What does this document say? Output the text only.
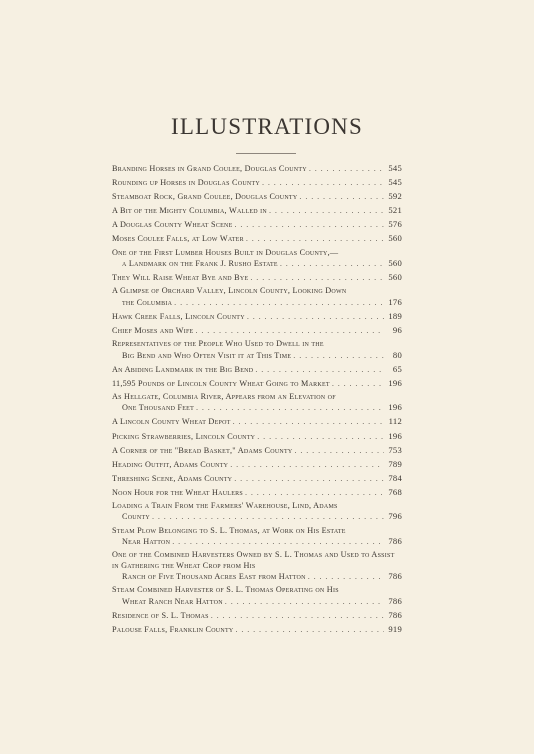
ILLUSTRATIONS
Branding Horses in Grand Coulee, Douglas County . . .	545
Rounding up Horses in Douglas County . . .	545
Steamboat Rock, Grand Coulee, Douglas County . . .	592
A Bit of the Mighty Columbia, Walled in . . .	521
A Douglas County Wheat Scene . . .	576
Moses Coulee Falls, at Low Water . . .	560
One of the First Lumber Houses Built in Douglas County,—
a Landmark on the Frank J. Rusho Estate . . .	560
They Will Raise Wheat Bye and Bye . . .	560
A Glimpse of Orchard Valley, Lincoln County, Looking Down
the Columbia . . .	176
Hawk Creek Falls, Lincoln County . . .	189
Chief Moses and Wife . . .	96
Representatives of the People Who Used to Dwell in the
Big Bend and Who Often Visit it at This Time . . .	80
An Abiding Landmark in the Big Bend . . .	65
11,595 Pounds of Lincoln County Wheat Going to Market . . .	196
As Hellgate, Columbia River, Appears from an Elevation of
One Thousand Feet . . .	196
A Lincoln County Wheat Depot . . .	112
Picking Strawberries, Lincoln County . . .	196
A Corner of the "Bread Basket," Adams County . . .	753
Heading Outfit, Adams County . . .	789
Threshing Scene, Adams County . . .	784
Noon Hour for the Wheat Haulers . . .	768
Loading a Train From the Farmers' Warehouse, Lind, Adams
County . . .	796
Steam Plow Belonging to S. L. Thomas, at Work on His Estate
Near Hatton . . .	786
One of the Combined Harvesters Owned by S. L. Thomas and Used to Assist in Gathering the Wheat Crop from His
Ranch of Five Thousand Acres East from Hatton . . .	786
Steam Combined Harvester of S. L. Thomas Operating on His
Wheat Ranch Near Hatton . . .	786
Residence of S. L. Thomas . . .	786
Palouse Falls, Franklin County . . .	919
